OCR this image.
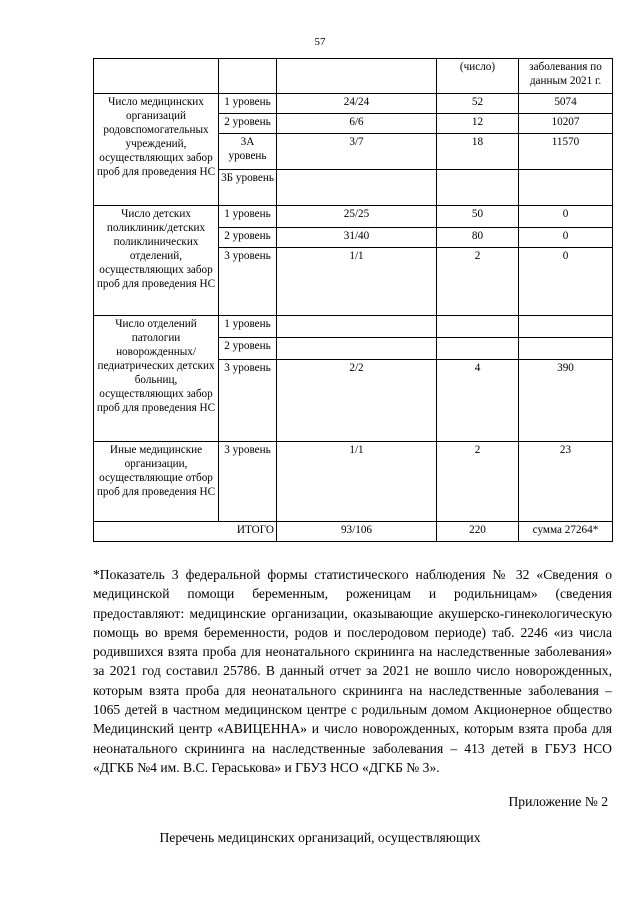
57
			(число)	заболевания по данным 2021 г.
Число медицинских организаций родовспомогательных учреждений, осуществляющих забор проб для проведения НС	1 уровень	24/24	52	5074
	2 уровень	6/6	12	10207
	3А уровень	3/7	18	11570
	3Б уровень			
Число детских поликлиник/детских поликлинических отделений, осуществляющих забор проб для проведения НС	1 уровень	25/25	50	0
	2 уровень	31/40	80	0
	3 уровень	1/1	2	0
Число отделений патологии новорожденных/ педиатрических детских больниц, осуществляющих забор проб для проведения НС	1 уровень			
	2 уровень			
	3 уровень	2/2	4	390
Иные медицинские организации, осуществляющие отбор проб для проведения НС	3 уровень	1/1	2	23
ИТОГО		93/106	220	сумма 27264*
*Показатель 3 федеральной формы статистического наблюдения № 32 «Сведения о медицинской помощи беременным, роженицам и родильницам» (сведения предоставляют: медицинские организации, оказывающие акушерско-гинекологическую помощь во время беременности, родов и послеродовом периоде) таб. 2246 «из числа родившихся взята проба для неонатального скрининга на наследственные заболевания» за 2021 год составил 25786. В данный отчет за 2021 не вошло число новорожденных, которым взята проба для неонатального скрининга на наследственные заболевания – 1065 детей в частном медицинском центре с родильным домом Акционерное общество Медицинский центр «АВИЦЕННА» и число новорожденных, которым взята проба для неонатального скрининга на наследственные заболевания – 413 детей в ГБУЗ НСО «ДГКБ №4 им. В.С. Гераськова» и ГБУЗ НСО «ДГКБ № 3».
Приложение № 2
Перечень медицинских организаций, осуществляющих
